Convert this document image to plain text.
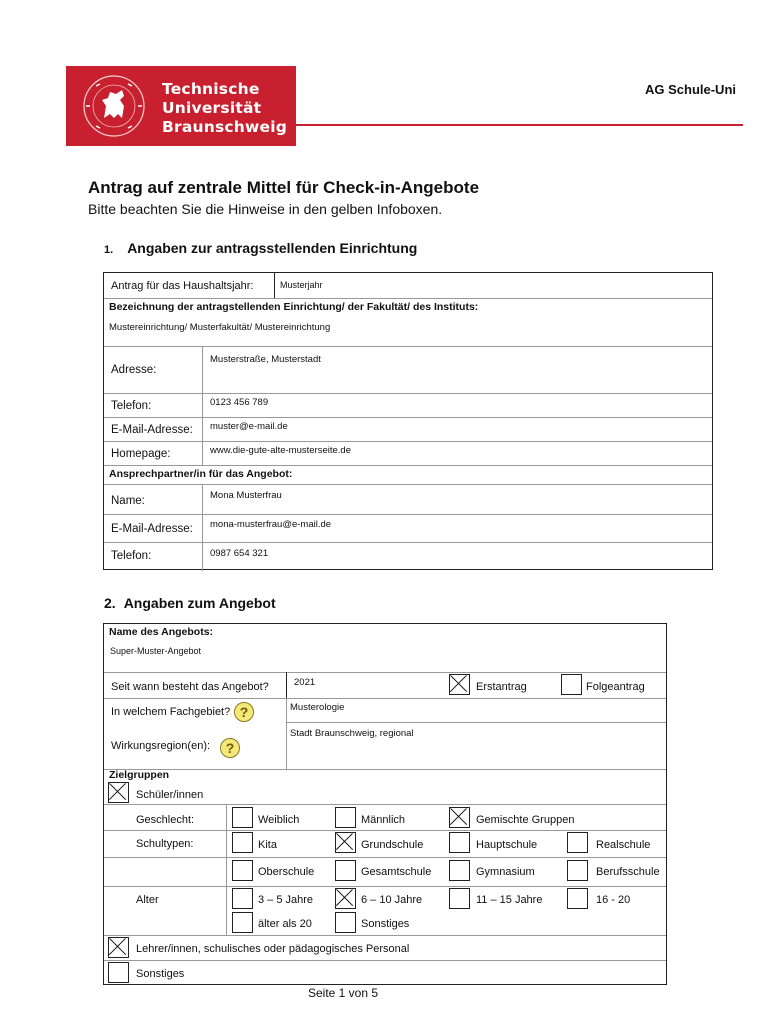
Technische
Universität
Braunschweig
AG Schule-Uni
Antrag auf zentrale Mittel für Check-in-Angebote
Bitte beachten Sie die Hinweise in den gelben Infoboxen.
1. Angaben zur antragsstellenden Einrichtung
Antrag für das Haushaltsjahr:	Musterjahr
Bezeichnung der antragstellenden Einrichtung/ der Fakultät/ des Instituts:
Mustereinrichtung/ Musterfakultät/ Mustereinrichtung
Adresse:
Musterstraße, Musterstadt
Telefon:	0123 456 789
E-Mail-Adresse: muster@e-mail.de
Homepage:	www.die-gute-alte-musterseite.de
Ansprechpartner/in für das Angebot:
Name:	Mona Musterfrau
E-Mail-Adresse: mona-musterfrau@e-mail.de
Telefon:	0987 654 321
2. Angaben zum Angebot
Name des Angebots:
Super-Muster-Angebot
Seit wann besteht das Angebot?	2021	Erstantrag	Folgeantrag
In welchem Fachgebiet? ?	Musterologie
Wirkungsregion(en):	?
Stadt Braunschweig, regional
Zielgruppen
Schüler/innen
Geschlecht:	Weiblich	Männlich	Gemischte Gruppen
Schultypen:	Kita	Grundschule	Hauptschule	Realschule
Oberschule	Gesamtschule	Gymnasium	Berufsschule
Alter	3 – 5 Jahre	6 – 10 Jahre	11 – 15 Jahre	16 - 20
älter als 20	Sonstiges
Lehrer/innen, schulisches oder pädagogisches Personal
Sonstiges
Seite 1 von 5
